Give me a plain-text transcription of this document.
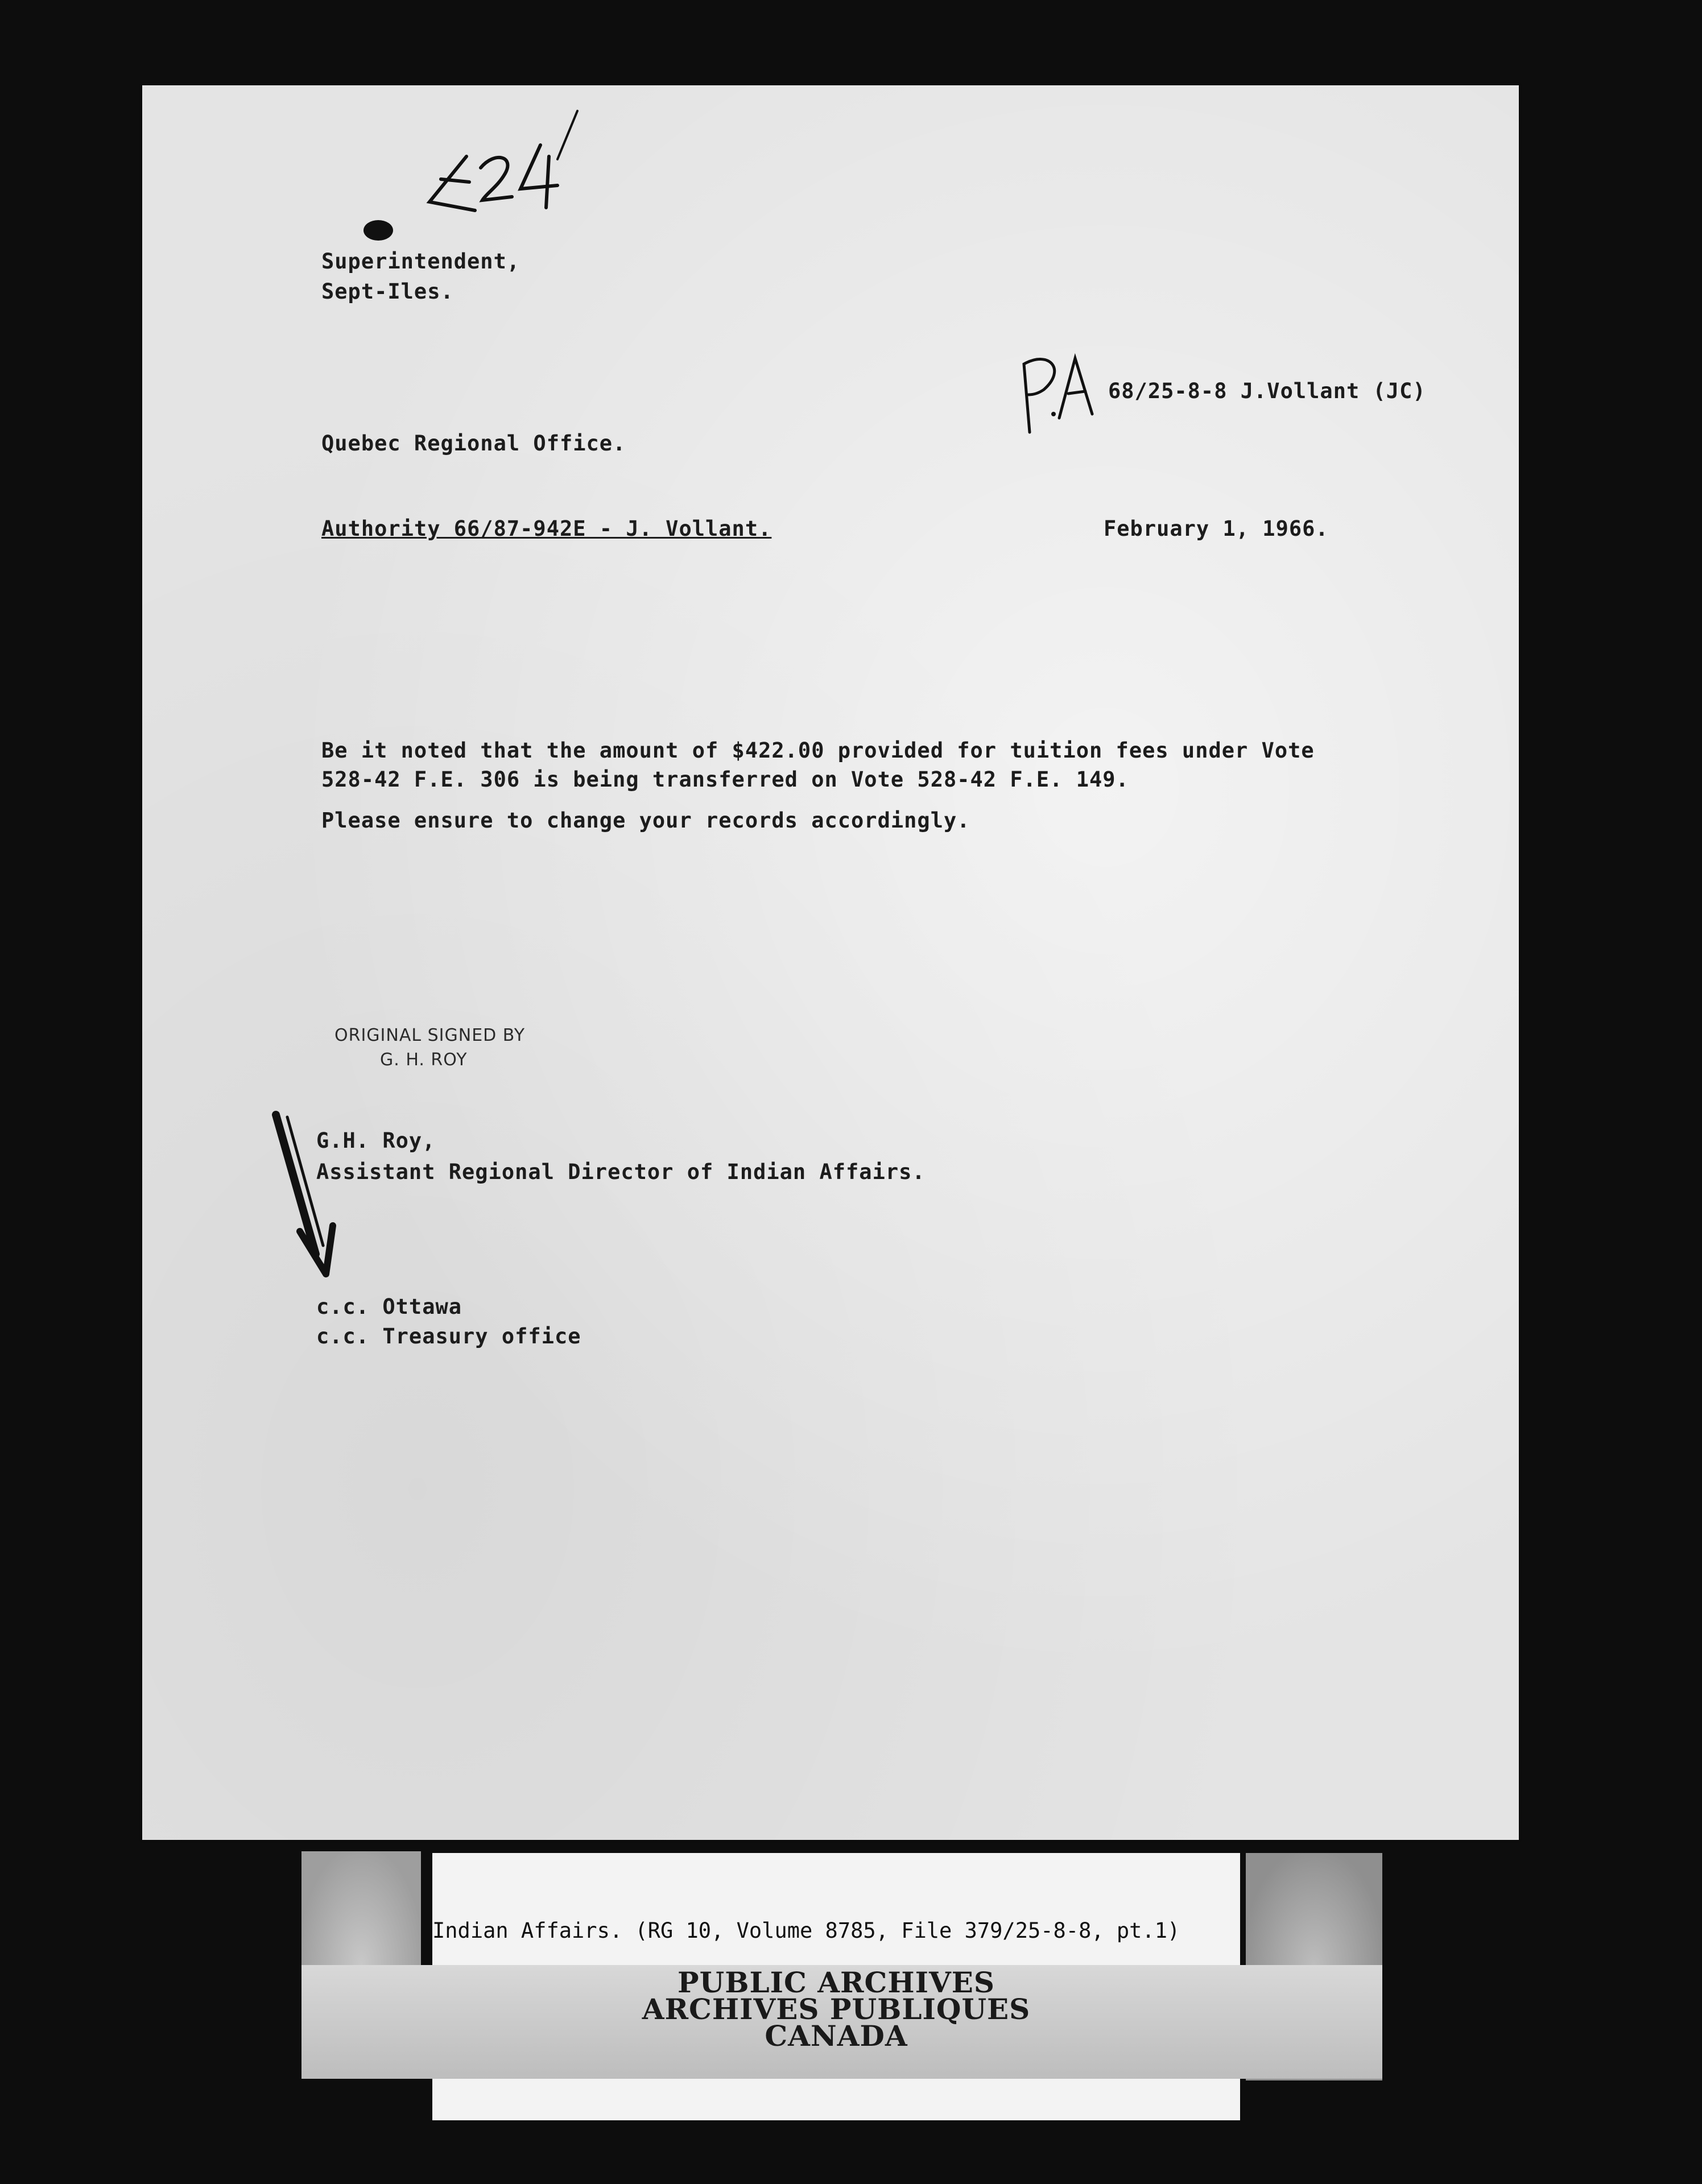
Superintendent,

Sept-Iles.

68/25-8-8 J.Vollant (JC)

Quebec Regional Office.

Authority 66/87-942E - J. Vollant.	February 1, 1966.

Be it noted that the amount of $422.00 provided for tuition fees under Vote

528-42 F.E. 306 is being transferred on Vote 528-42 F.E. 149.

Please ensure to change your records accordingly.

ORIGINAL SIGNED BY

G. H. ROY

G.H. Roy,

Assistant Regional Director of Indian Affairs.

c.c. Ottawa

c.c. Treasury office

Indian Affairs. (RG 10, Volume 8785, File 379/25-8-8, pt.1)

PUBLIC ARCHIVES
ARCHIVES PUBLIQUES
CANADA
